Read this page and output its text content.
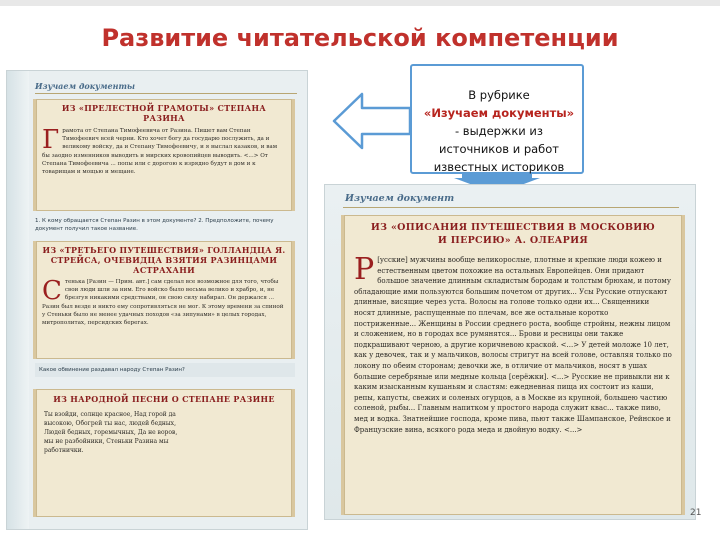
Развитие читательской компетенции
Изучаем документы
ИЗ «ПРЕЛЕСТНОЙ ГРАМОТЫ» СТЕПАНА РАЗИНА
Г рамота от Степана Тимофеевича от Разина. Пишет вам Степан Тимофеевич всей черни. Кто хочет богу да государю послужить, да и великому войску, да и Степану Тимофеевичу, и я выслал казаков, и вам бы заодно изменников выводить и мирских кровопийцев выводить. <...> От Степана Тимофеевича ... попы или с дорогою к изрядно будут в дом и к товарищам и мощью и мещане.
1. К кому обращается Степан Разин в этом документе? 2. Предположите, почему документ получил такое название.
ИЗ «ТРЕТЬЕГО ПУТЕШЕСТВИЯ» ГОЛЛАНДЦА Я. СТРЕЙСА, ОЧЕВИДЦА ВЗЯТИЯ РАЗИНЦАМИ АСТРАХАНИ
С тенька [Разин — Прим. авт.] сам сделал все возможное для того, чтобы свои люди шли за ним. Его войско было весьма велико и храбро, и, не брезгуя никакими средствами, он свою силу набирал. Он держался ... Разин был везде и никто ему сопротивляться не мог. К этому времени за спиной у Стеньки было не менее удачных походов «за зипунами» в целых городах, митрополитах, персидских берегах.
Какое обвинение раздавал народу Степан Разин?
ИЗ НАРОДНОЙ ПЕСНИ О СТЕПАНЕ РАЗИНЕ
Ты взойди, солнце красное, Над горой да высокою, Обогрей ты нас, людей бедных, Людей бедных, горемычных, Да не воров, мы не разбойники, Стеньки Разина мы работнички.
В рубрике
«Изучаем документы» - выдержки из источников и работ известных историков
Изучаем документ
ИЗ «ОПИСАНИЯ ПУТЕШЕСТВИЯ В МОСКОВИЮ
И ПЕРСИЮ» А. ОЛЕАРИЯ
Р [усские] мужчины вообще великорослые, плотные и крепкие люди кожею и естественным цветом похожие на остальных Европейцев. Они придают большое значение длинным складистым бородам и толстым брюхам, и потому обладающие ими пользуются большим почетом от других... Усы Русские отпускают длинные, висящие через уста. Волосы на голове только одни их... Священники носят длинные, распущенные по плечам, все же остальные коротко постриженные... Женщины в России среднего роста, вообще стройны, нежны лицом и сложением, но в городах все румянятся... Брови и ресницы они также подкрашивают черною, а другие коричневою краской. <...> У детей моложе 10 лет, как у девочек, так и у мальчиков, волосы стригут на всей голове, оставляя только по локону по обеим сторонам; девочки же, в отличие от мальчиков, носят в ушах большие серебряные или медные кольца [серёжки]. <...> Русские не привыкли ни к каким изысканным кушаньям и сластям: ежедневная пища их состоит из каши, репы, капусты, свежих и соленых огурцов, а в Москве из крупной, большею частию соленой, рыбы... Главным напитком у простого народа служит квас... также пиво, мед и водка. Знатнейшие господа, кроме пива, пьют также Шампанское, Рейнское и Французские вина, всякого рода меда и двойную водку. <...>
21
